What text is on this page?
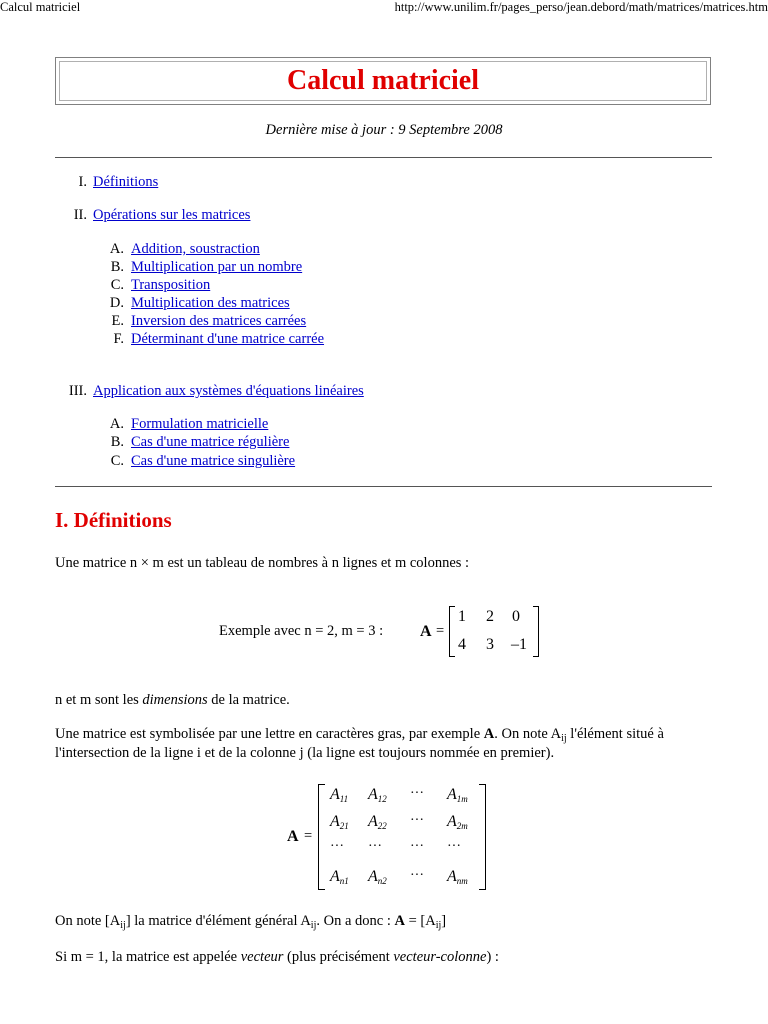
Calcul matriciel	http://www.unilim.fr/pages_perso/jean.debord/math/matrices/matrices.htm
Calcul matriciel
Dernière mise à jour : 9 Septembre 2008
I. Définitions
II. Opérations sur les matrices
A. Addition, soustraction
B. Multiplication par un nombre
C. Transposition
D. Multiplication des matrices
E. Inversion des matrices carrées
F. Déterminant d'une matrice carrée
III. Application aux systèmes d'équations linéaires
A. Formulation matricielle
B. Cas d'une matrice régulière
C. Cas d'une matrice singulière
I. Définitions
Une matrice n × m est un tableau de nombres à n lignes et m colonnes :
Exemple avec n = 2, m = 3 : A =
1	2	0
4	3	–1
n et m sont les dimensions de la matrice.
Une matrice est symbolisée par une lettre en caractères gras, par exemple A. On note $A_{ij}$ l'élément situé à
l'intersection de la ligne i et de la colonne j (la ligne est toujours nommée en premier).
A =
$A_{11}$ $A_{12}$ ··· $A_{1m}$
$A_{21}$ $A_{22}$ ··· $A_{2m}$
··· ··· ··· ···
$A_{n1}$ $A_{n2}$ ··· $A_{nm}$
On note $[A_{ij}]$ la matrice d'élément général $A_{ij}$. On a donc : $A = [A_{ij}]$
Si m = 1, la matrice est appelée vecteur (plus précisément vecteur-colonne) :
